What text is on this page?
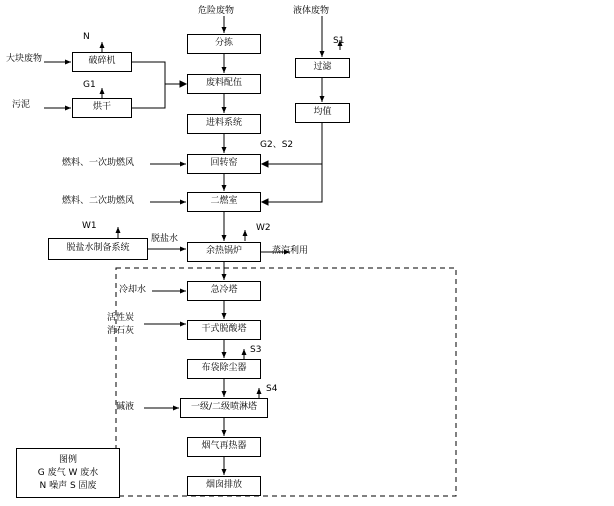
分拣
废料配伍
进料系统
回转窑
二燃室
余热锅炉
急冷塔
干式脱酸塔
布袋除尘器
一级/二级喷淋塔
烟气再热器
烟囱排放
破碎机
烘干
过滤
均值
脱盐水制备系统
危险废物	液体废物
大块废物
污泥
N
G1
S1
G2、S2
燃料、一次助燃风
燃料、二次助燃风
W1	W2
脱盐水
蒸汽利用
冷却水
活性炭
消石灰
S3
S4
碱液
图例
G 废气 W 废水
N 噪声 S 固废
